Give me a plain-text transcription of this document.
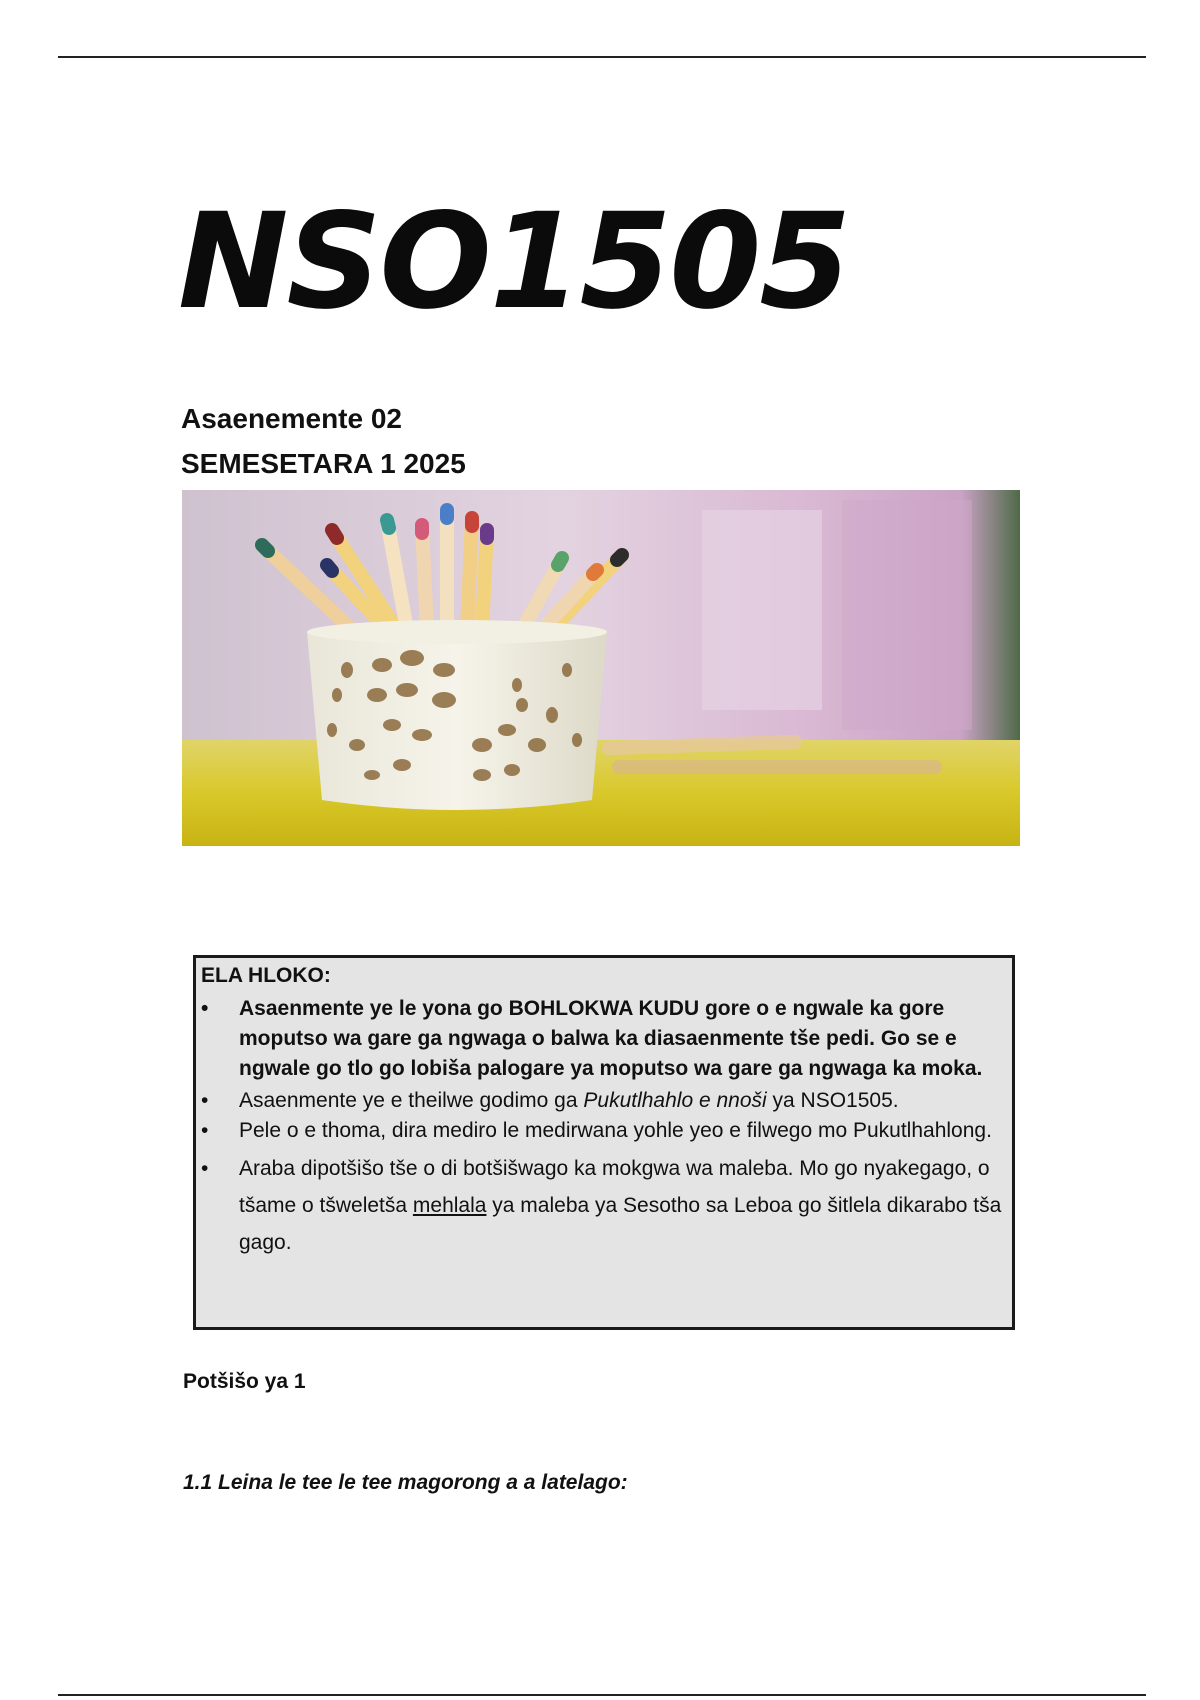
NSO1505
Asaenemente 02
SEMESETARA 1 2025
ELA HLOKO:
• Asaenmente ye le yona go BOHLOKWA KUDU gore o e ngwale ka gore moputso wa gare ga ngwaga o balwa ka diasaenmente tše pedi. Go se e ngwale go tlo go lobiša palogare ya moputso wa gare ga ngwaga ka moka.
• Asaenmente ye e theilwe godimo ga Pukutlhahlo e nnoši ya NSO1505.
• Pele o e thoma, dira mediro le medirwana yohle yeo e filwego mo Pukutlhahlong.
• Araba dipotšišo tše o di botšišwago ka mokgwa wa maleba. Mo go nyakegago, o tšame o tšweletša mehlala ya maleba ya Sesotho sa Leboa go šitlela dikarabo tša gago.
Potšišo ya 1
1.1 Leina le tee le tee magorong a a latelago:
